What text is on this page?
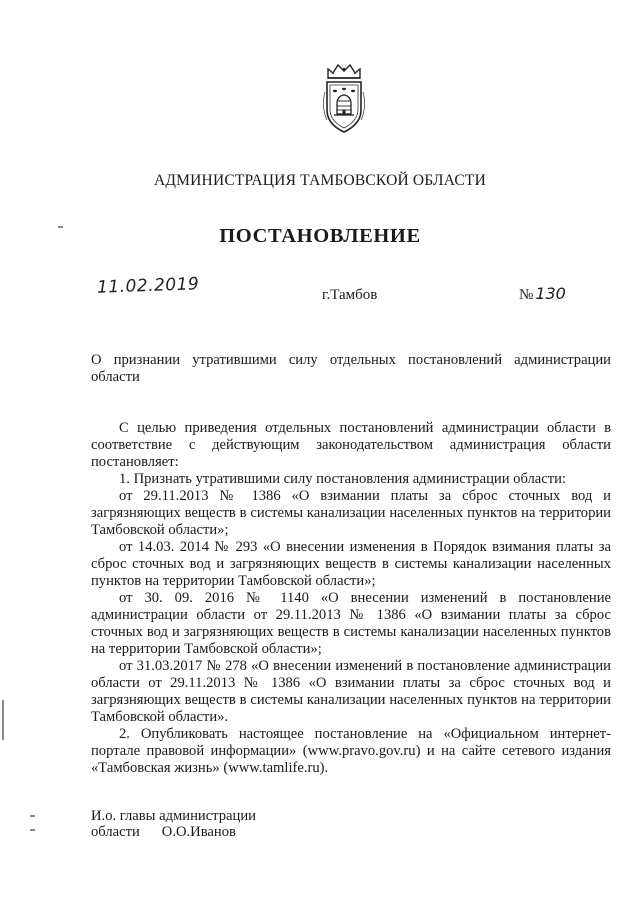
АДМИНИСТРАЦИЯ ТАМБОВСКОЙ ОБЛАСТИ
ПОСТАНОВЛЕНИЕ
11.02.2019	г.Тамбов	№ 130
О признании утратившими силу отдельных постановлений администрации области

С целью приведения отдельных постановлений администрации области в соответствие с действующим законодательством администрация области постановляет:

1. Признать утратившими силу постановления администрации области:

от 29.11.2013 № 1386 «О взимании платы за сброс сточных вод и загрязняющих веществ в системы канализации населенных пунктов на территории Тамбовской области»;

от 14.03. 2014 № 293 «О внесении изменения в Порядок взимания платы за сброс сточных вод и загрязняющих веществ в системы канализации населенных пунктов на территории Тамбовской области»;

от 30. 09. 2016 № 1140 «О внесении изменений в постановление администрации области от 29.11.2013 № 1386 «О взимании платы за сброс сточных вод и загрязняющих веществ в системы канализации населенных пунктов на территории Тамбовской области»;

от 31.03.2017 № 278 «О внесении изменений в постановление администрации области от 29.11.2013 № 1386 «О взимании платы за сброс сточных вод и загрязняющих веществ в системы канализации населенных пунктов на территории Тамбовской области».

2. Опубликовать настоящее постановление на «Официальном интернет-портале правовой информации» (www.pravo.gov.ru) и на сайте сетевого издания «Тамбовская жизнь» (www.tamlife.ru).

И.о. главы администрации
области О.О.Иванов
